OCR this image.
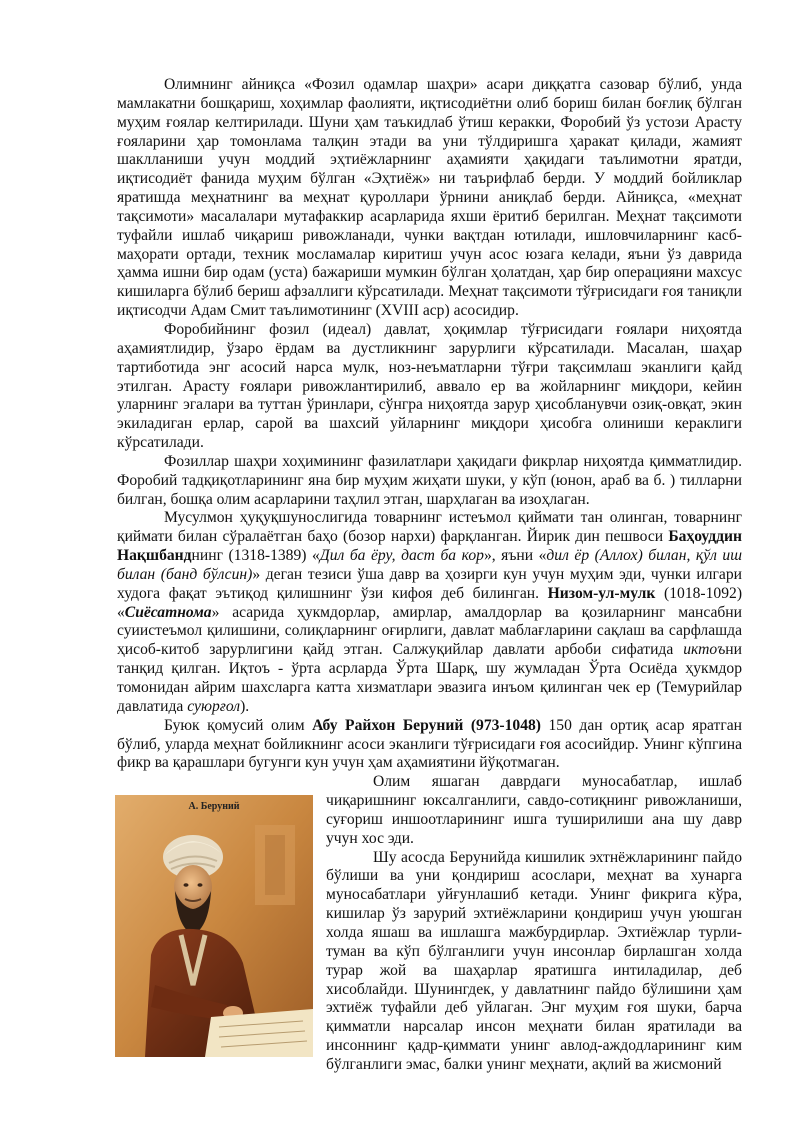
Олимнинг айниқса «Фозил одамлар шаҳри» асари диққатга сазовар бўлиб, унда мамлакатни бошқариш, хоҳимлар фаолияти, иқтисодиётни олиб бориш билан боғлиқ бўлган муҳим ғоялар келтирилади. Шуни ҳам таъкидлаб ўтиш керакки, Форобий ўз устози Арасту ғояларини ҳар томонлама талқин этади ва уни тўлдиришга ҳаракат қилади, жамият шаклланиши учун моддий эҳтиёжларнинг аҳамияти ҳақидаги таълимотни яратди, иқтисодиёт фанида муҳим бўлган «Эҳтиёж» ни таърифлаб берди. У моддий бойликлар яратишда меҳнатнинг ва меҳнат қуроллари ўрнини аниқлаб берди. Айниқса, «меҳнат тақсимоти» масалалари мутафаккир асарларида яхши ёритиб берилган. Меҳнат тақсимоти туфайли ишлаб чиқариш ривожланади, чунки вақтдан ютилади, ишловчиларнинг касб-маҳорати ортади, техник мосламалар киритиш учун асос юзага келади, яъни ўз даврида ҳамма ишни бир одам (уста) бажариши мумкин бўлган ҳолатдан, ҳар бир операцияни махсус кишиларга бўлиб бериш афзаллиги кўрсатилади. Меҳнат тақсимоти тўғрисидаги ғоя таниқли иқтисодчи Адам Смит таълимотининг (XVIII аср) асосидир.

Форобийнинг фозил (идеал) давлат, ҳоқимлар тўғрисидаги ғоялари ниҳоятда аҳамиятлидир, ўзаро ёрдам ва дустликнинг зарурлиги кўрсатилади. Масалан, шаҳар тартиботида энг асосий нарса мулк, ноз-неъматларни тўғри тақсимлаш эканлиги қайд этилган. Арасту ғоялари ривожлантирилиб, аввало ер ва жойларнинг миқдори, кейин уларнинг эгалари ва туттан ўринлари, сўнгра ниҳоятда зарур ҳисобланувчи озиқ-овқат, экин экиладиган ерлар, сарой ва шахсий уйларнинг миқдори ҳисобга олиниши кераклиги кўрсатилади.

Фозиллар шаҳри хоҳимининг фазилатлари ҳақидаги фикрлар ниҳоятда қимматлидир. Форобий тадқиқотларининг яна бир муҳим жиҳати шуки, у кўп (юнон, араб ва б. ) тилларни билган, бошқа олим асарларини таҳлил этган, шарҳлаган ва изоҳлаган.

Мусулмон ҳуқуқшунослигида товарнинг истеъмол қиймати тан олинган, товарнинг қиймати билан сўралаётган баҳо (бозор нархи) фарқланган. Йирик дин пешвоси Баҳоуддин Нақшбанднинг (1318-1389) «Дил ба ёру, даст ба кор», яъни «дил ёр (Аллох) билан, қўл иш билан (банд бўлсин)» деган тезиси ўша давр ва ҳозирги кун учун муҳим эди, чунки илгари худога фақат эътиқод қилишнинг ўзи кифоя деб билинган. Низом-ул-мулк (1018-1092) «Сиёсатнома» асарида ҳукмдорлар, амирлар, амалдорлар ва қозиларнинг мансабни суиистеъмол қилишини, солиқларнинг оғирлиги, давлат маблағларини сақлаш ва сарфлашда ҳисоб-китоб зарурлигини қайд этган. Салжуқийлар давлати арбоби сифатида иктоъни танқид қилган. Иқтоъ - ўрта асрларда Ўрта Шарқ, шу жумладан Ўрта Осиёда ҳукмдор томонидан айрим шахсларга катта хизматлари эвазига инъом қилинган чек ер (Темурийлар давлатида суюрғол).

Буюк қомусий олим Абу Райхон Беруний (973-1048) 150 дан ортиқ асар яратган бўлиб, уларда меҳнат бойликнинг асоси эканлиги тўғрисидаги ғоя асосийдир. Унинг кўпгина фикр ва қарашлари бугунги кун учун ҳам аҳамиятини йўқотмаган.

А. Беруний

Олим яшаган даврдаги муносабатлар, ишлаб чиқаришнинг юксалганлиги, савдо-сотиқнинг ривожланиши, суғориш иншоотларининг ишга туширилиши ана шу давр учун хос эди.

Шу асосда Берунийда кишилик эхтнёжларининг пайдо бўлиши ва уни қондириш асослари, меҳнат ва хунарга муносабатлари уйғунлашиб кетади. Унинг фикрига кўра, кишилар ўз зарурий эхтиёжларини қондириш учун уюшган холда яшаш ва ишлашга мажбурдирлар. Эхтиёжлар турли-туман ва кўп бўлганлиги учун инсонлар бирлашган холда турар жой ва шаҳарлар яратишга интиладилар, деб хисоблайди. Шунингдек, у давлатнинг пайдо бўлишини ҳам эхтиёж туфайли деб уйлаган. Энг муҳим ғоя шуки, барча қимматли нарсалар инсон меҳнати билан яратилади ва инсоннинг қадр-қиммати унинг авлод-аждодларининг ким бўлганлиги эмас, балки унинг меҳнати, ақлий ва жисмоний
